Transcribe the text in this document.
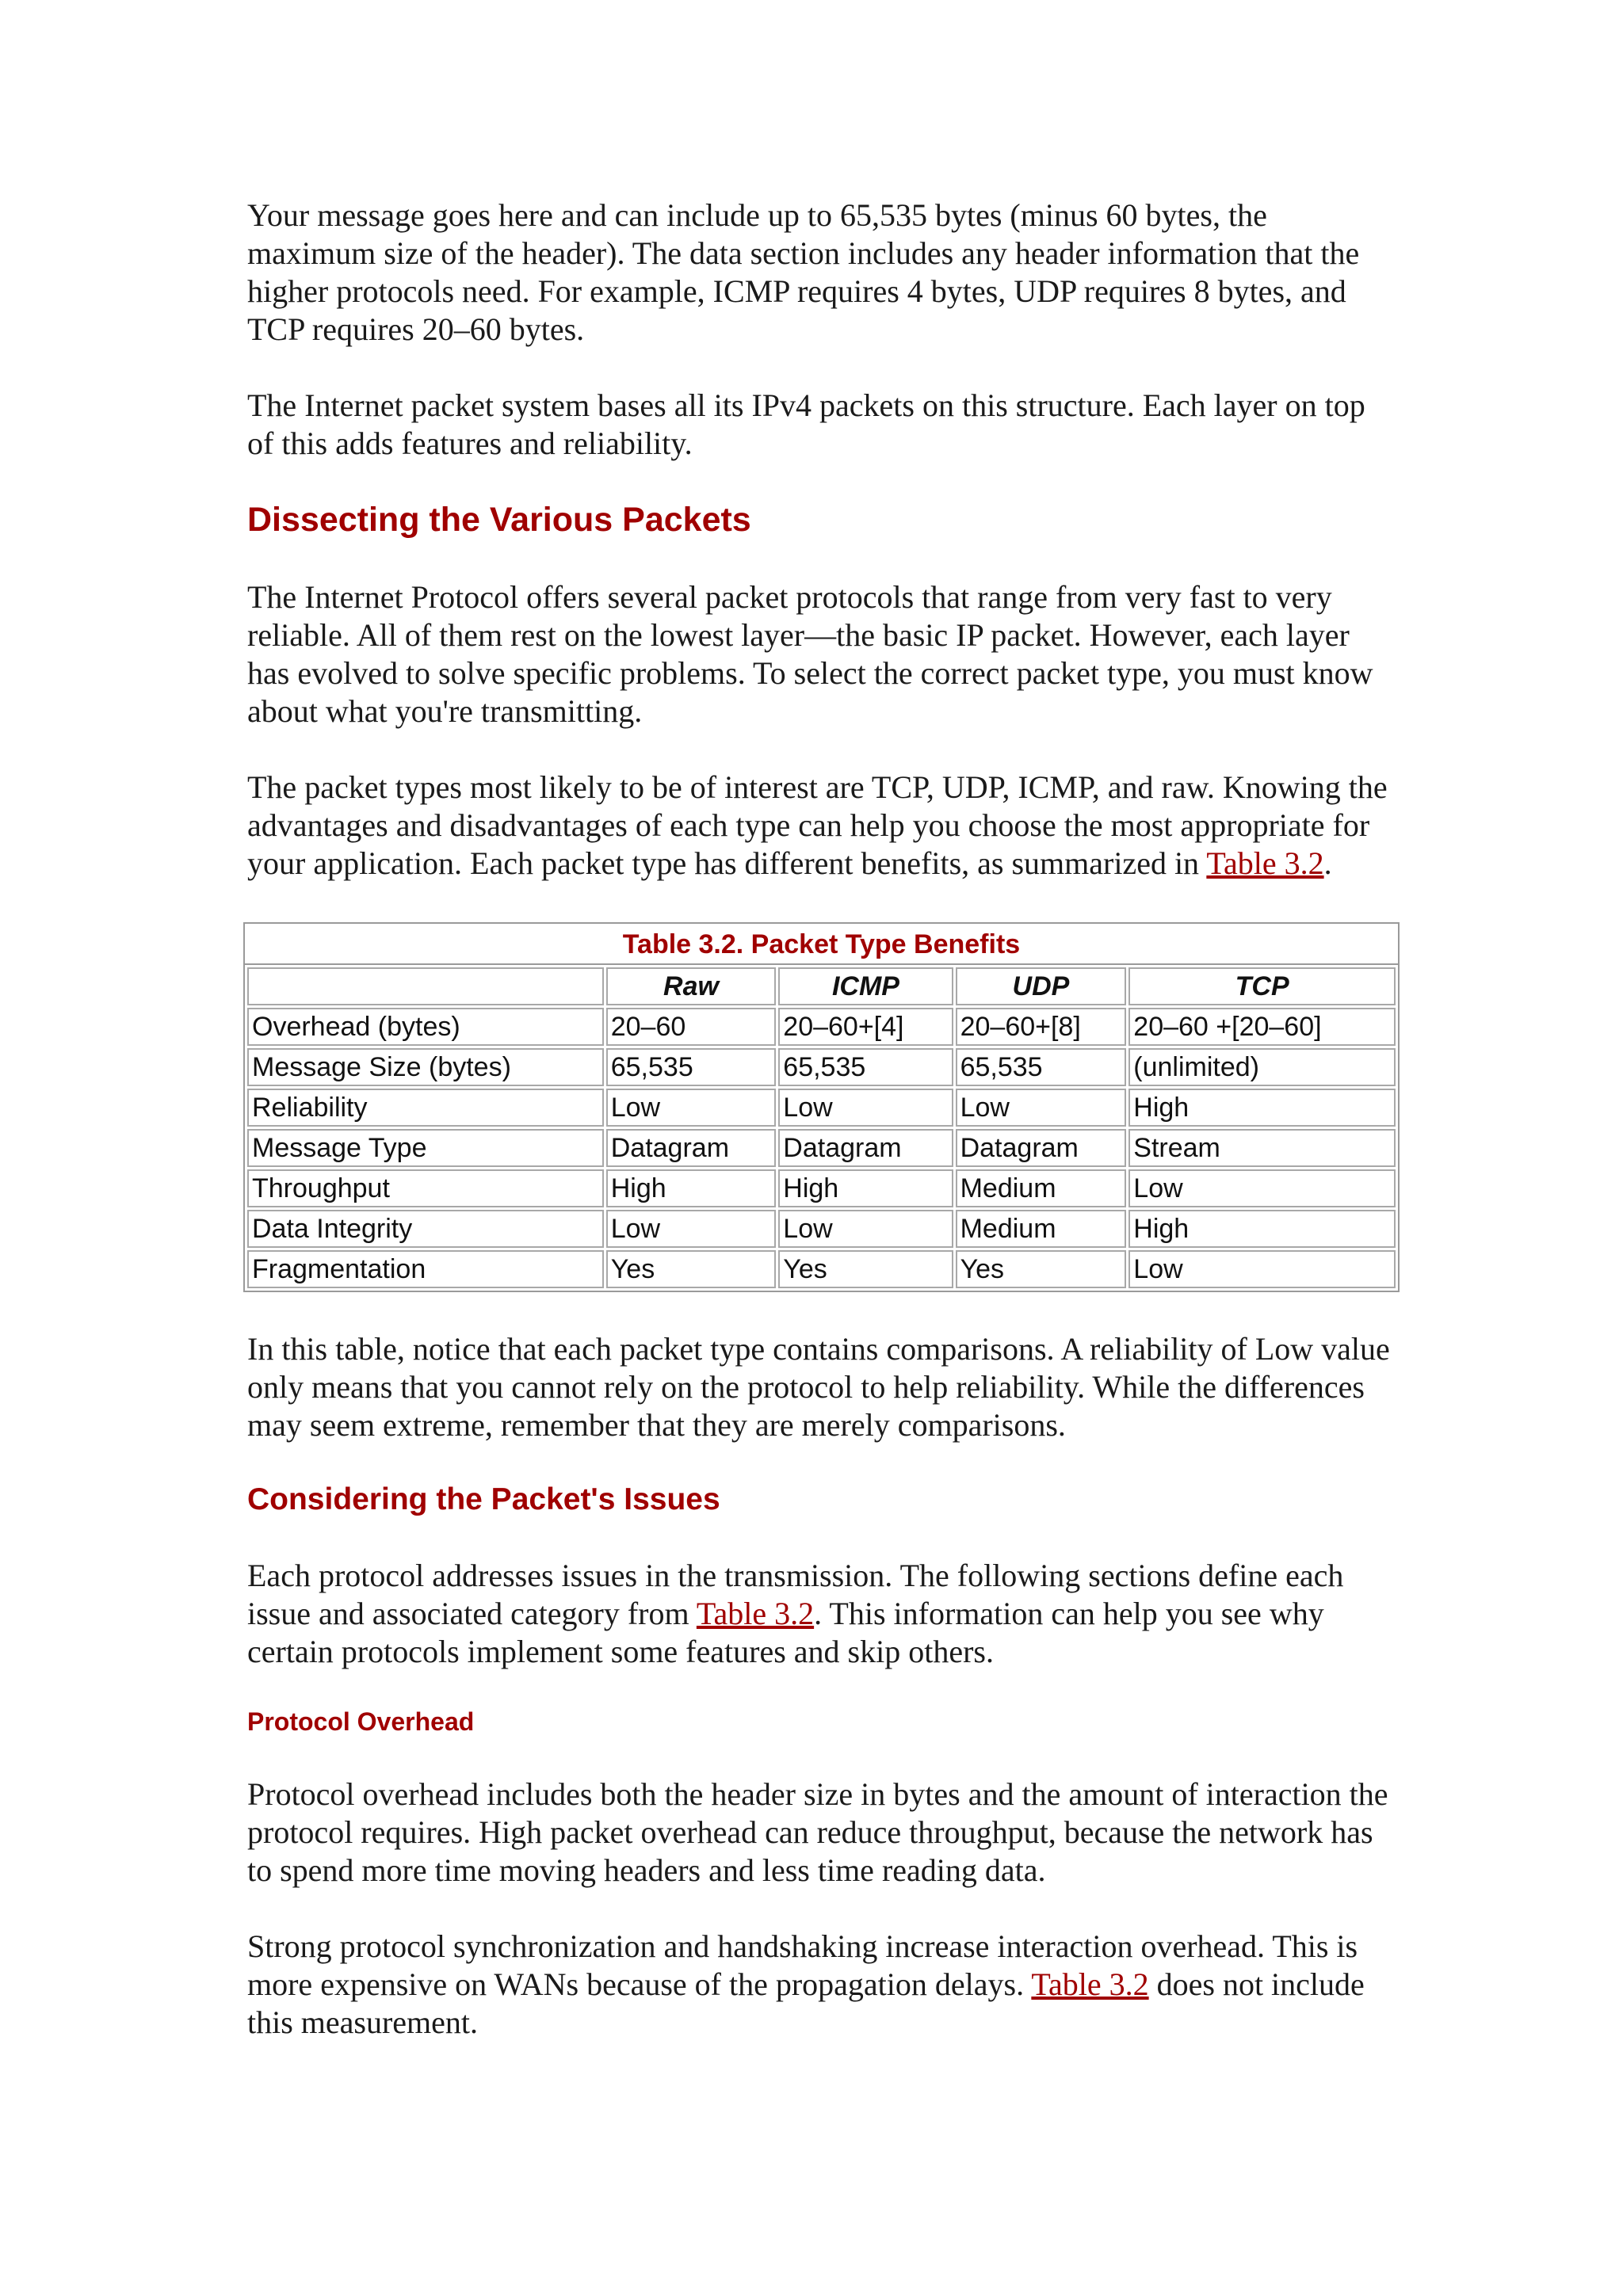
Your message goes here and can include up to 65,535 bytes (minus 60 bytes, the maximum size of the header). The data section includes any header information that the higher protocols need. For example, ICMP requires 4 bytes, UDP requires 8 bytes, and TCP requires 20–60 bytes.

The Internet packet system bases all its IPv4 packets on this structure. Each layer on top of this adds features and reliability.

Dissecting the Various Packets

The Internet Protocol offers several packet protocols that range from very fast to very reliable. All of them rest on the lowest layer—the basic IP packet. However, each layer has evolved to solve specific problems. To select the correct packet type, you must know about what you're transmitting.

The packet types most likely to be of interest are TCP, UDP, ICMP, and raw. Knowing the advantages and disadvantages of each type can help you choose the most appropriate for your application. Each packet type has different benefits, as summarized in Table 3.2.

Table 3.2. Packet Type Benefits
	Raw	ICMP	UDP	TCP
Overhead (bytes)	20–60	20–60+[4]	20–60+[8]	20–60 +[20–60]
Message Size (bytes)	65,535	65,535	65,535	(unlimited)
Reliability	Low	Low	Low	High
Message Type	Datagram	Datagram	Datagram	Stream
Throughput	High	High	Medium	Low
Data Integrity	Low	Low	Medium	High
Fragmentation	Yes	Yes	Yes	Low

In this table, notice that each packet type contains comparisons. A reliability of Low value only means that you cannot rely on the protocol to help reliability. While the differences may seem extreme, remember that they are merely comparisons.

Considering the Packet's Issues

Each protocol addresses issues in the transmission. The following sections define each issue and associated category from Table 3.2. This information can help you see why certain protocols implement some features and skip others.

Protocol Overhead

Protocol overhead includes both the header size in bytes and the amount of interaction the protocol requires. High packet overhead can reduce throughput, because the network has to spend more time moving headers and less time reading data.

Strong protocol synchronization and handshaking increase interaction overhead. This is more expensive on WANs because of the propagation delays. Table 3.2 does not include this measurement.
